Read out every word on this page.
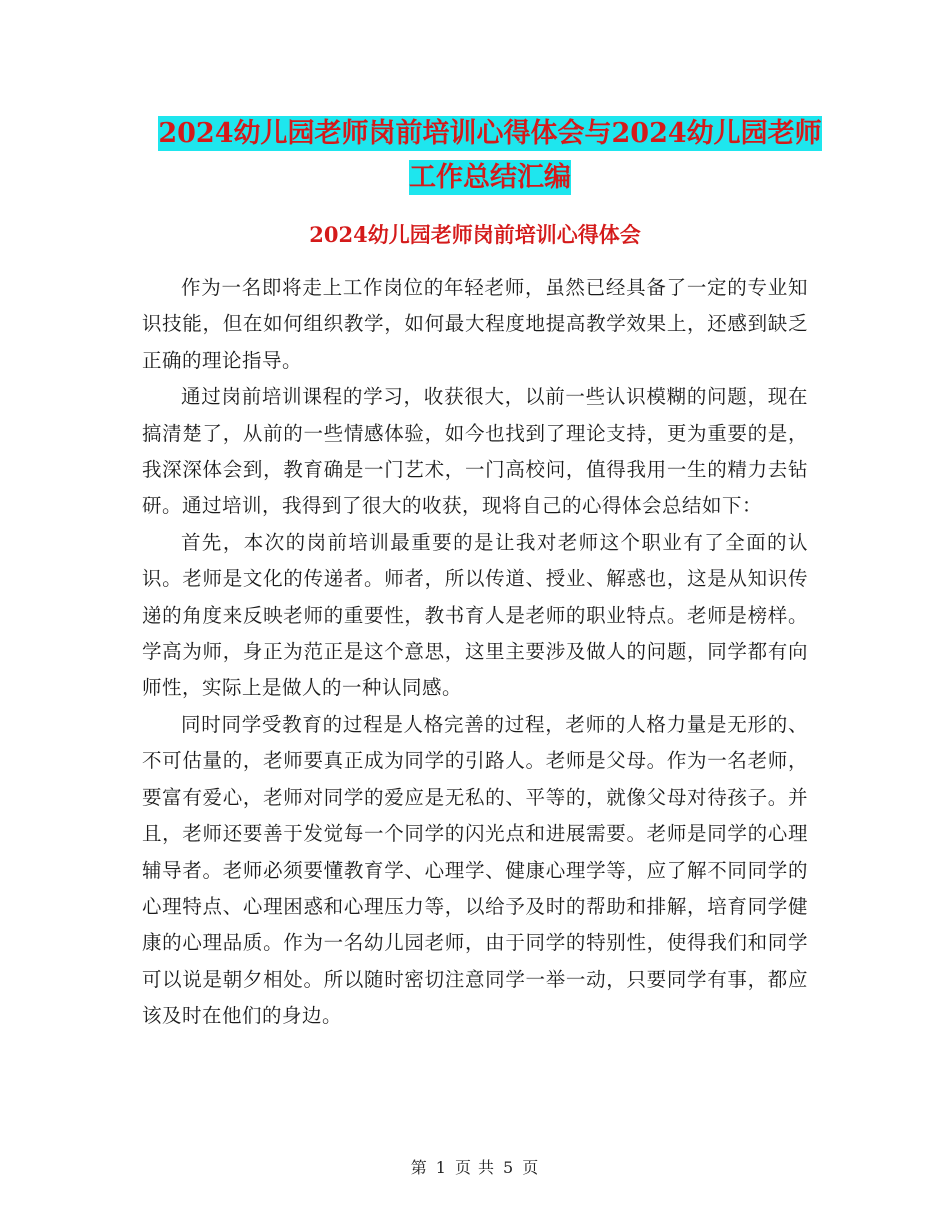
2024幼儿园老师岗前培训心得体会与2024幼儿园老师
工作总结汇编
2024幼儿园老师岗前培训心得体会

作为一名即将走上工作岗位的年轻老师，虽然已经具备了一定的专业知识技能，但在如何组织教学，如何最大程度地提高教学效果上，还感到缺乏正确的理论指导。

通过岗前培训课程的学习，收获很大，以前一些认识模糊的问题，现在搞清楚了，从前的一些情感体验，如今也找到了理论支持，更为重要的是，我深深体会到，教育确是一门艺术，一门高校问，值得我用一生的精力去钻研。通过培训，我得到了很大的收获，现将自己的心得体会总结如下：

首先，本次的岗前培训最重要的是让我对老师这个职业有了全面的认识。老师是文化的传递者。师者，所以传道、授业、解惑也，这是从知识传递的角度来反映老师的重要性，教书育人是老师的职业特点。老师是榜样。学高为师，身正为范正是这个意思，这里主要涉及做人的问题，同学都有向师性，实际上是做人的一种认同感。

同时同学受教育的过程是人格完善的过程，老师的人格力量是无形的、不可估量的，老师要真正成为同学的引路人。老师是父母。作为一名老师，要富有爱心，老师对同学的爱应是无私的、平等的，就像父母对待孩子。并且，老师还要善于发觉每一个同学的闪光点和进展需要。老师是同学的心理辅导者。老师必须要懂教育学、心理学、健康心理学等，应了解不同同学的心理特点、心理困惑和心理压力等，以给予及时的帮助和排解，培育同学健康的心理品质。作为一名幼儿园老师，由于同学的特别性，使得我们和同学可以说是朝夕相处。所以随时密切注意同学一举一动，只要同学有事，都应该及时在他们的身边。

第 1 页 共 5 页
